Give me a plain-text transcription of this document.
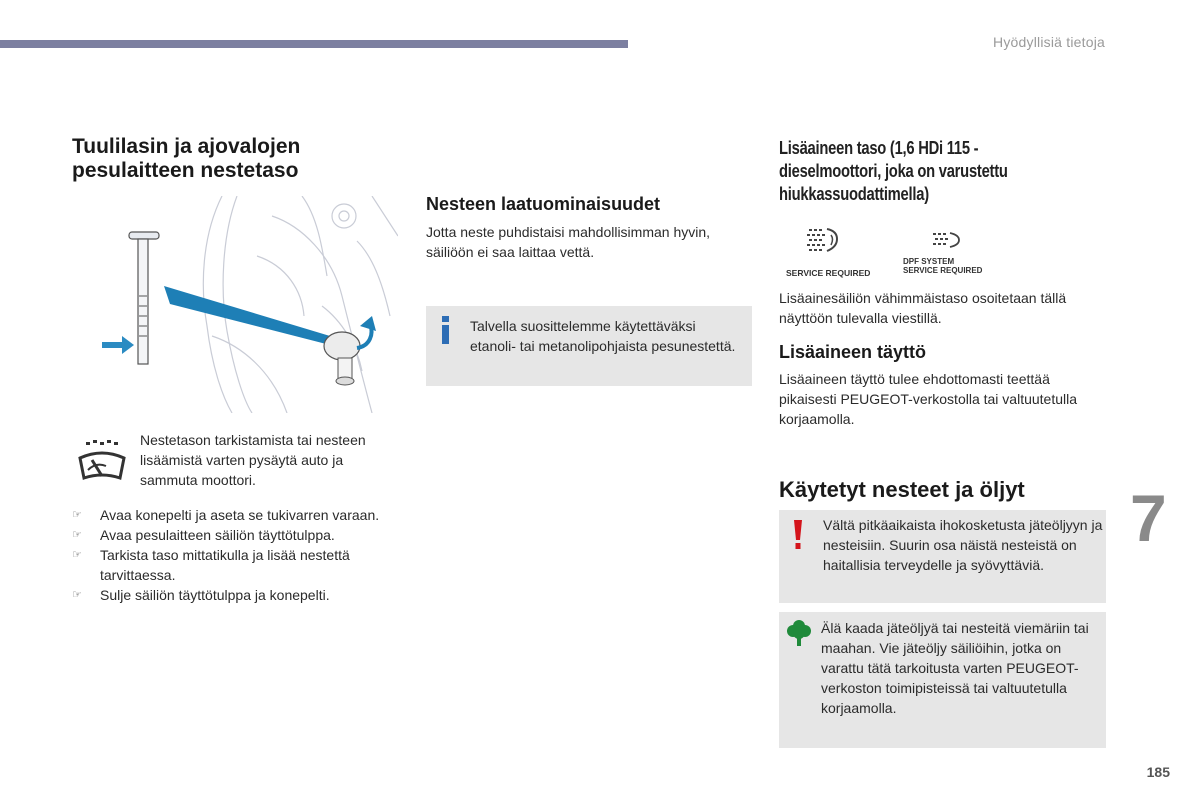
Hyödyllisiä tietoja
Tuulilasin ja ajovalojen pesulaitteen nestetaso

Nestetason tarkistamista tai nesteen lisäämistä varten pysäytä auto ja sammuta moottori.

☞ Avaa konepelti ja aseta se tukivarren varaan.
☞ Avaa pesulaitteen säiliön täyttötulppa.
☞ Tarkista taso mittatikulla ja lisää nestettä tarvittaessa.
☞ Sulje säiliön täyttötulppa ja konepelti.
Nesteen laatuominaisuudet

Jotta neste puhdistaisi mahdollisimman hyvin, säiliöön ei saa laittaa vettä.

Talvella suosittelemme käytettäväksi etanoli- tai metanolipohjaista pesunestettä.

Lisäaineen taso (1,6 HDi 115 -dieselmoottori, joka on varustettu hiukkassuodattimella)
SERVICE REQUIRED
DPF SYSTEM
SERVICE REQUIRED

Lisäainesäiliön vähimmäistaso osoitetaan tällä näyttöön tulevalla viestillä.

Lisäaineen täyttö

Lisäaineen täyttö tulee ehdottomasti teettää pikaisesti PEUGEOT-verkostolla tai valtuutetulla korjaamolla.

Käytetyt nesteet ja öljyt

Vältä pitkäaikaista ihokosketusta jäteöljyyn ja nesteisiin. Suurin osa näistä nesteistä on haitallisia terveydelle ja syövyttäviä.

Älä kaada jäteöljyä tai nesteitä viemäriin tai maahan. Vie jäteöljy säiliöihin, jotka on varattu tätä tarkoitusta varten PEUGEOT-verkoston toimipisteissä tai valtuutetulla korjaamolla.

7
185
